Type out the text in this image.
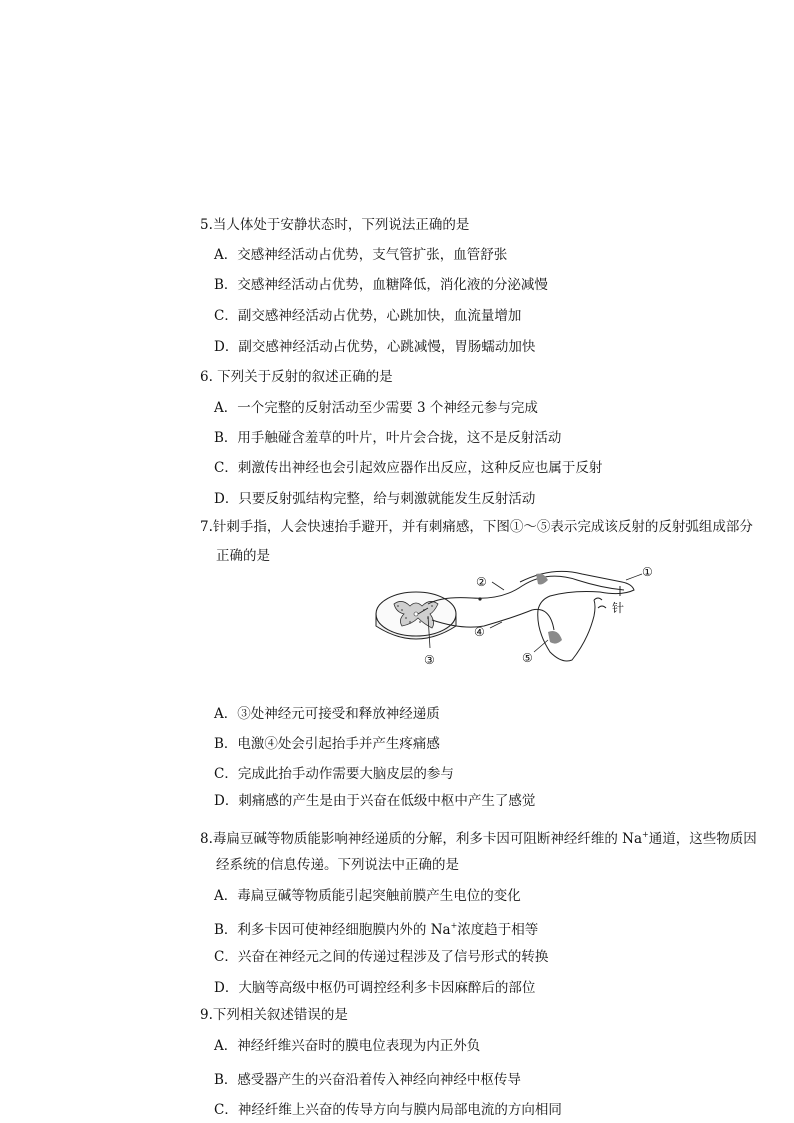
5.当人体处于安静状态时，下列说法正确的是
A．交感神经活动占优势，支气管扩张，血管舒张
B．交感神经活动占优势，血糖降低，消化液的分泌减慢
C．副交感神经活动占优势，心跳加快，血流量增加
D．副交感神经活动占优势，心跳减慢，胃肠蠕动加快
6. 下列关于反射的叙述正确的是
A．一个完整的反射活动至少需要 3 个神经元参与完成
B．用手触碰含羞草的叶片，叶片会合拢，这不是反射活动
C．刺激传出神经也会引起效应器作出反应，这种反应也属于反射
D．只要反射弧结构完整，给与刺激就能发生反射活动
7.针刺手指，人会快速抬手避开，并有刺痛感，下图①～⑤表示完成该反射的反射弧组成部分
正确的是
②
①
针
③
④
⑤
A．③处神经元可接受和释放神经递质
B．电激④处会引起抬手并产生疼痛感
C．完成此抬手动作需要大脑皮层的参与
D．刺痛感的产生是由于兴奋在低级中枢中产生了感觉
8.毒扁豆碱等物质能影响神经递质的分解，利多卡因可阻断神经纤维的 Na+通道，这些物质因
经系统的信息传递。下列说法中正确的是
A．毒扁豆碱等物质能引起突触前膜产生电位的变化
B．利多卡因可使神经细胞膜内外的 Na+浓度趋于相等
C．兴奋在神经元之间的传递过程涉及了信号形式的转换
D．大脑等高级中枢仍可调控经利多卡因麻醉后的部位
9.下列相关叙述错误的是
A．神经纤维兴奋时的膜电位表现为内正外负
B．感受器产生的兴奋沿着传入神经向神经中枢传导
C．神经纤维上兴奋的传导方向与膜内局部电流的方向相同
